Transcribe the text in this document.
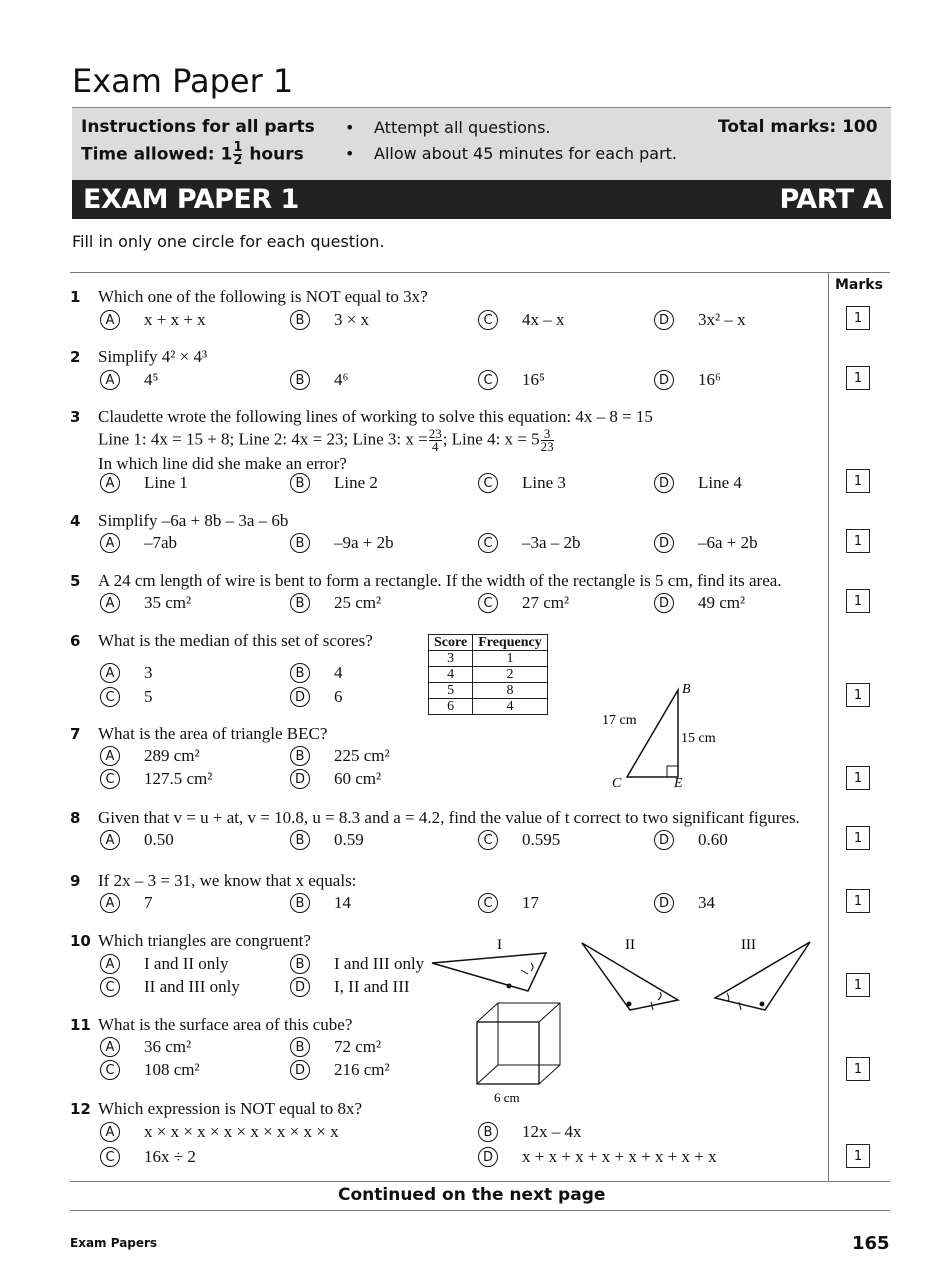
Exam Paper 1
Instructions for all parts
Time allowed: $1 \frac{1}{2}$ hours
• Attempt all questions.
• Allow about 45 minutes for each part.
Total marks: 100
EXAM PAPER 1	PART A
Fill in only one circle for each question.
Marks
1 Which one of the following is NOT equal to 3x?
A	x + x + x	B	3 × x	C	4x – x	D 3x² – x	1
2 Simplify 4² × 4³
A	4⁵	B	4⁶	C	16⁵	D 16⁶	1
3 Claudette wrote the following lines of working to solve this equation: 4x – 8 = 15
Line 1: 4x = 15 + 8; Line 2: 4x = 23; Line 3: $x = \frac{23}{4}$ ; Line 4: $x = 5 \frac{3}{23}$
In which line did she make an error?
A	Line 1	B	Line 2	C	Line 3	D Line 4	1
4 Simplify –6a + 8b – 3a – 6b
A	–7ab	B	–9a + 2b	C	–3a – 2b	D –6a + 2b	1
5 A 24 cm length of wire is bent to form a rectangle. If the width of the rectangle is 5 cm, find its area.
A	35 cm²	B	25 cm²	C	27 cm²	D 49 cm²	1
6 What is the median of this set of scores?
A	3	B	4
C	5	D 6	1
7 What is the area of triangle BEC?
A	289 cm²	B	225 cm²
C	127.5 cm²	D 60 cm²	1
8 Given that v = u + at, v = 10.8, u = 8.3 and a = 4.2, find the value of t correct to two significant figures.
A	0.50	B	0.59	C	0.595	D 0.60	1
9 If 2x – 3 = 31, we know that x equals:
A	7	B	14	C	17	D 34	1
10 Which triangles are congruent?
A	I and II only	B	I and III only
C	II and III only	D I, II and III	1
11 What is the surface area of this cube?
A	36 cm²	B	72 cm²
C	108 cm²	D 216 cm²	1
12 Which expression is NOT equal to 8x?
A	x × x × x × x × x × x × x × x	B	12x – 4x
C	16x ÷ 2	D x + x + x + x + x + x + x + x	1
Score	Frequency
3	1
4	2
5	8
6	4
B
C	E
17 cm
15 cm
I	II	III
6 cm
Continued on the next page
Exam Papers	165
